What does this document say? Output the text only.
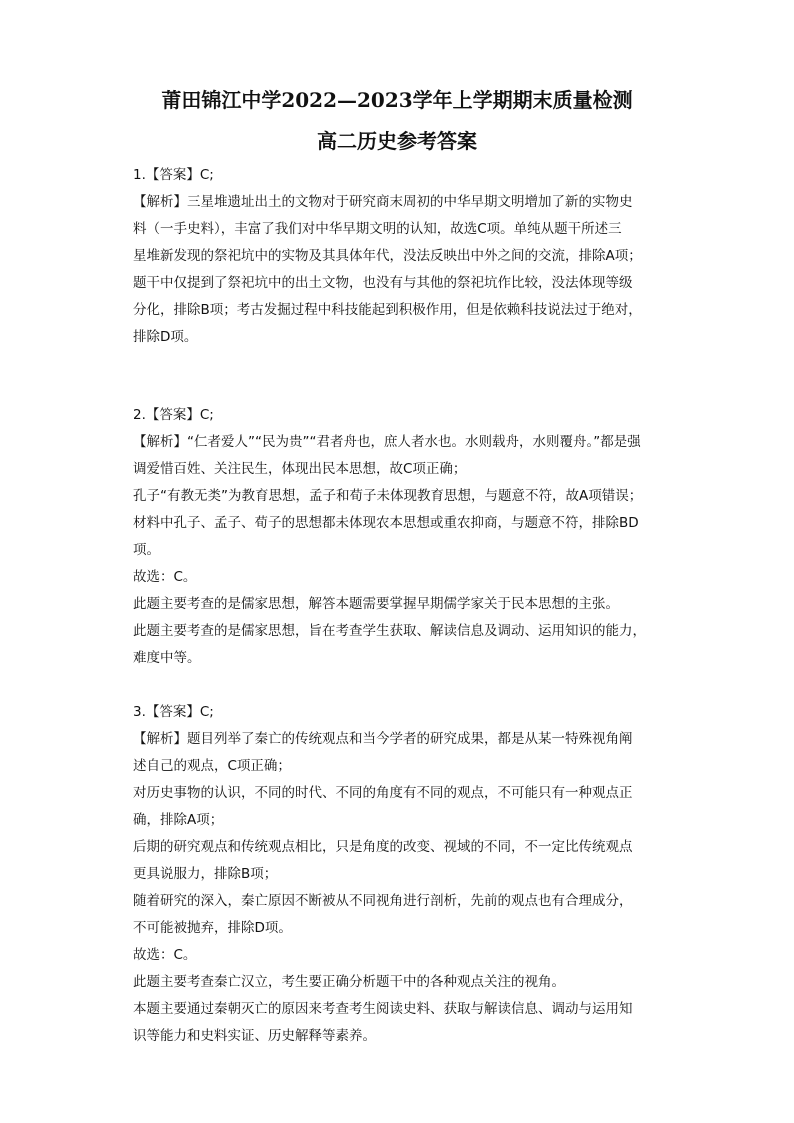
莆田锦江中学2022—2023学年上学期期末质量检测
高二历史参考答案
1.【答案】C;
【解析】三星堆遗址出土的文物对于研究商末周初的中华早期文明增加了新的实物史
料（一手史料），丰富了我们对中华早期文明的认知，故选C项。单纯从题干所述三
星堆新发现的祭祀坑中的实物及其具体年代，没法反映出中外之间的交流，排除A项；
题干中仅提到了祭祀坑中的出土文物，也没有与其他的祭祀坑作比较，没法体现等级
分化，排除B项；考古发掘过程中科技能起到积极作用，但是依赖科技说法过于绝对，
排除D项。
2.【答案】C;
【解析】“仁者爱人”“民为贵”“君者舟也，庶人者水也。水则载舟，水则覆舟。”都是强
调爱惜百姓、关注民生，体现出民本思想，故C项正确；
孔子“有教无类”为教育思想，孟子和荀子未体现教育思想，与题意不符，故A项错误；
材料中孔子、孟子、荀子的思想都未体现农本思想或重农抑商，与题意不符，排除BD
项。
故选：C。
此题主要考查的是儒家思想，解答本题需要掌握早期儒学家关于民本思想的主张。
此题主要考查的是儒家思想，旨在考查学生获取、解读信息及调动、运用知识的能力，
难度中等。
3.【答案】C;
【解析】题目列举了秦亡的传统观点和当今学者的研究成果，都是从某一特殊视角阐
述自己的观点，C项正确；
对历史事物的认识，不同的时代、不同的角度有不同的观点，不可能只有一种观点正
确，排除A项；
后期的研究观点和传统观点相比，只是角度的改变、视域的不同，不一定比传统观点
更具说服力，排除B项；
随着研究的深入，秦亡原因不断被从不同视角进行剖析，先前的观点也有合理成分，
不可能被抛弃，排除D项。
故选：C。
此题主要考查秦亡汉立，考生要正确分析题干中的各种观点关注的视角。
本题主要通过秦朝灭亡的原因来考查考生阅读史料、获取与解读信息、调动与运用知
识等能力和史料实证、历史解释等素养。
